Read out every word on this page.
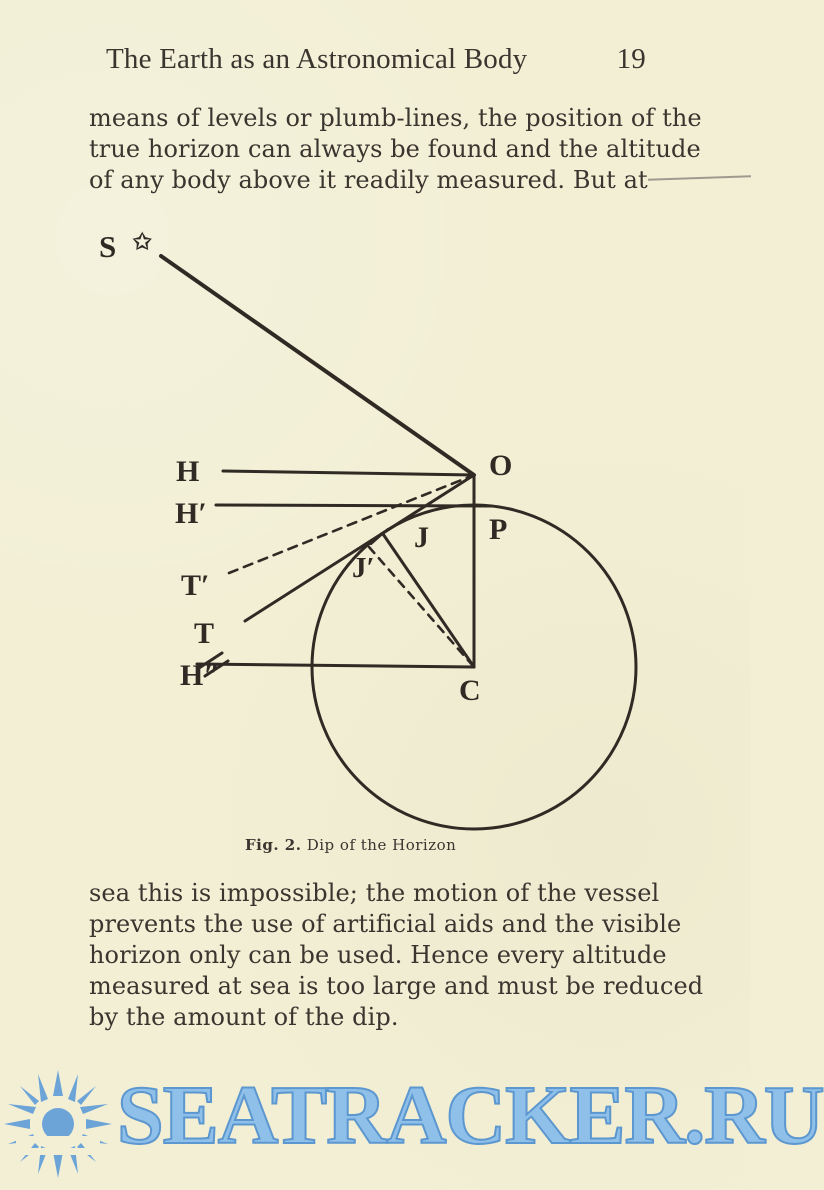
The Earth as an Astronomical Body	19
means of levels or plumb-lines, the position of the
true horizon can always be found and the altitude
of any body above it readily measured. But at
S ✩
H	O
H′	P
J
J′
T′
T
H″	C
Fig. 2. Dip of the Horizon
sea this is impossible; the motion of the vessel
prevents the use of artificial aids and the visible
horizon only can be used. Hence every altitude
measured at sea is too large and must be reduced
by the amount of the dip.
SEATRACKER.RU
